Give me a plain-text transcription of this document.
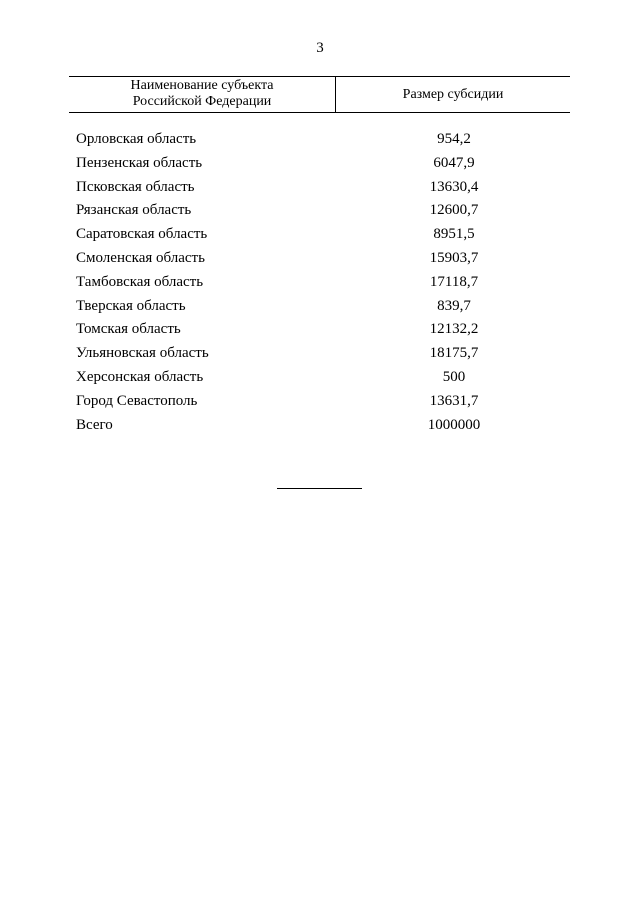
3
Наименование субъекта
Российской Федерации	Размер субсидии
Орловская область	954,2
Пензенская область	6047,9
Псковская область	13630,4
Рязанская область	12600,7
Саратовская область	8951,5
Смоленская область	15903,7
Тамбовская область	17118,7
Тверская область	839,7
Томская область	12132,2
Ульяновская область	18175,7
Херсонская область	500
Город Севастополь	13631,7
Всего	1000000
